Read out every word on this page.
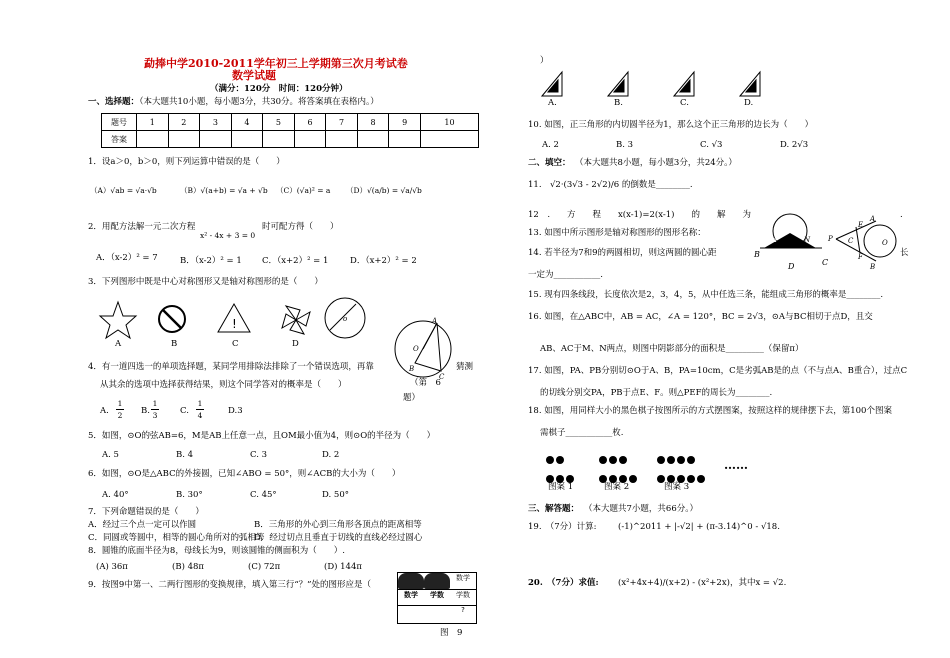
勐捧中学2010-2011学年初三上学期第三次月考试卷
数学试题
（满分：120分　时间：120分钟）
一、选择题：
（本大题共10小题，每小题3分，共30分。将答案填在表格内。）
题号	1	2	3	4	5	6	7	8	9	10
答案										
1．设a＞0，b＞0，则下列运算中错误的是（　　）
（A）√ab = √a·√b	（B）√(a+b) = √a + √b （C）(√a)² = a （D）√(a/b) = √a/√b
2．用配方法解一元二次方程
x² - 4x + 3 = 0
时可配方得（　　）
A．（x-2）² = 7	B．（x-2）² = 1 C．（x+2）² = 1	D．（x+2）² = 2
3．下列图形中既是中心对称图形又是轴对称图形的是（　　）
!	o
A	B	C	D
A
O
B
C
（第　6
题）
4．有一道四选一的单项选择题，某同学用排除法排除了一个错误选项，再靠	猜测
从其余的选项中选择获得结果，则这个同学答对的概率是（　　）
A.
1
2 B.
1
3	C.
1
4	D.3
5．如图，⊙O的弦AB=6，M是AB上任意一点，且OM最小值为4，则⊙O的半径为（　　）
A. 5	B. 4	C. 3	D. 2
6．如图，⊙O是△ABC的外接圆，已知∠ABO = 50°，则∠ACB的大小为（　　）
A. 40°	B. 30°	C. 45°	D. 50°
7．下列命题错误的是（　　）
A．经过三个点一定可以作圆	B．三角形的外心到三角形各顶点的距离相等
C．同圆或等圆中，相等的圆心角所对的弧相等
D．经过切点且垂直于切线的直线必经过圆心
8．圆锥的底面半径为8，母线长为9，则该圆锥的侧面积为（　　）.
(A) 36π	(B) 48π	(C) 72π	(D) 144π
9．按图9中第一、二两行图形的变换规律，填入第三行“？”处的图形应是（
数学
数学	学数	学数
?
图　9
）
A.	B.	C.	D.
10. 如图，正三角形的内切圆半径为1，那么这个正三角形的边长为（　　）
A. 2	B. 3	C. √3	D. 2√3
二、填空： （本大题共8小题，每小题3分，共24分。）
11.　√2·(3√3 - 2√2)/6 的倒数是________.
12　.　　方　　程　　x(x-1)=2(x-1)　　的　　解　　为	.
13. 如图中所示图形是轴对称图形的图形名称：
14. 若半径为7和9的两圆相切，则这两圆的圆心距	长
一定为___________.
M	N
B
D	C
P
A
E
C
F
B
O
15. 现有四条线段，长度依次是2，3，4，5，从中任选三条，能组成三角形的概率是________.
16. 如图，在△ABC中，AB = AC，∠A = 120°，BC = 2√3，⊙A与BC相切于点D，且交
AB、AC于M、N两点，则图中阴影部分的面积是_________（保留π）
17. 如图，PA、PB分别切⊙O于A、B，PA=10cm，C是劣弧AB是的点（不与点A、B重合），过点C
的切线分别交PA，PB于点E、F。则△PEF的周长为________.
18. 如图，用同样大小的黑色棋子按图所示的方式摆图案，按照这样的规律摆下去，第100个图案
需棋子___________枚.

……
图案 1	图案 2	图案 3
三、解答题： （本大题共7小题，共66分。）
19.　（7分）计算:	(-1)^2011 + |-√2| + (π-3.14)^0 - √18.
20.　（7分）求值: (x²+4x+4)/(x+2) - (x²+2x)，其中x = √2.
